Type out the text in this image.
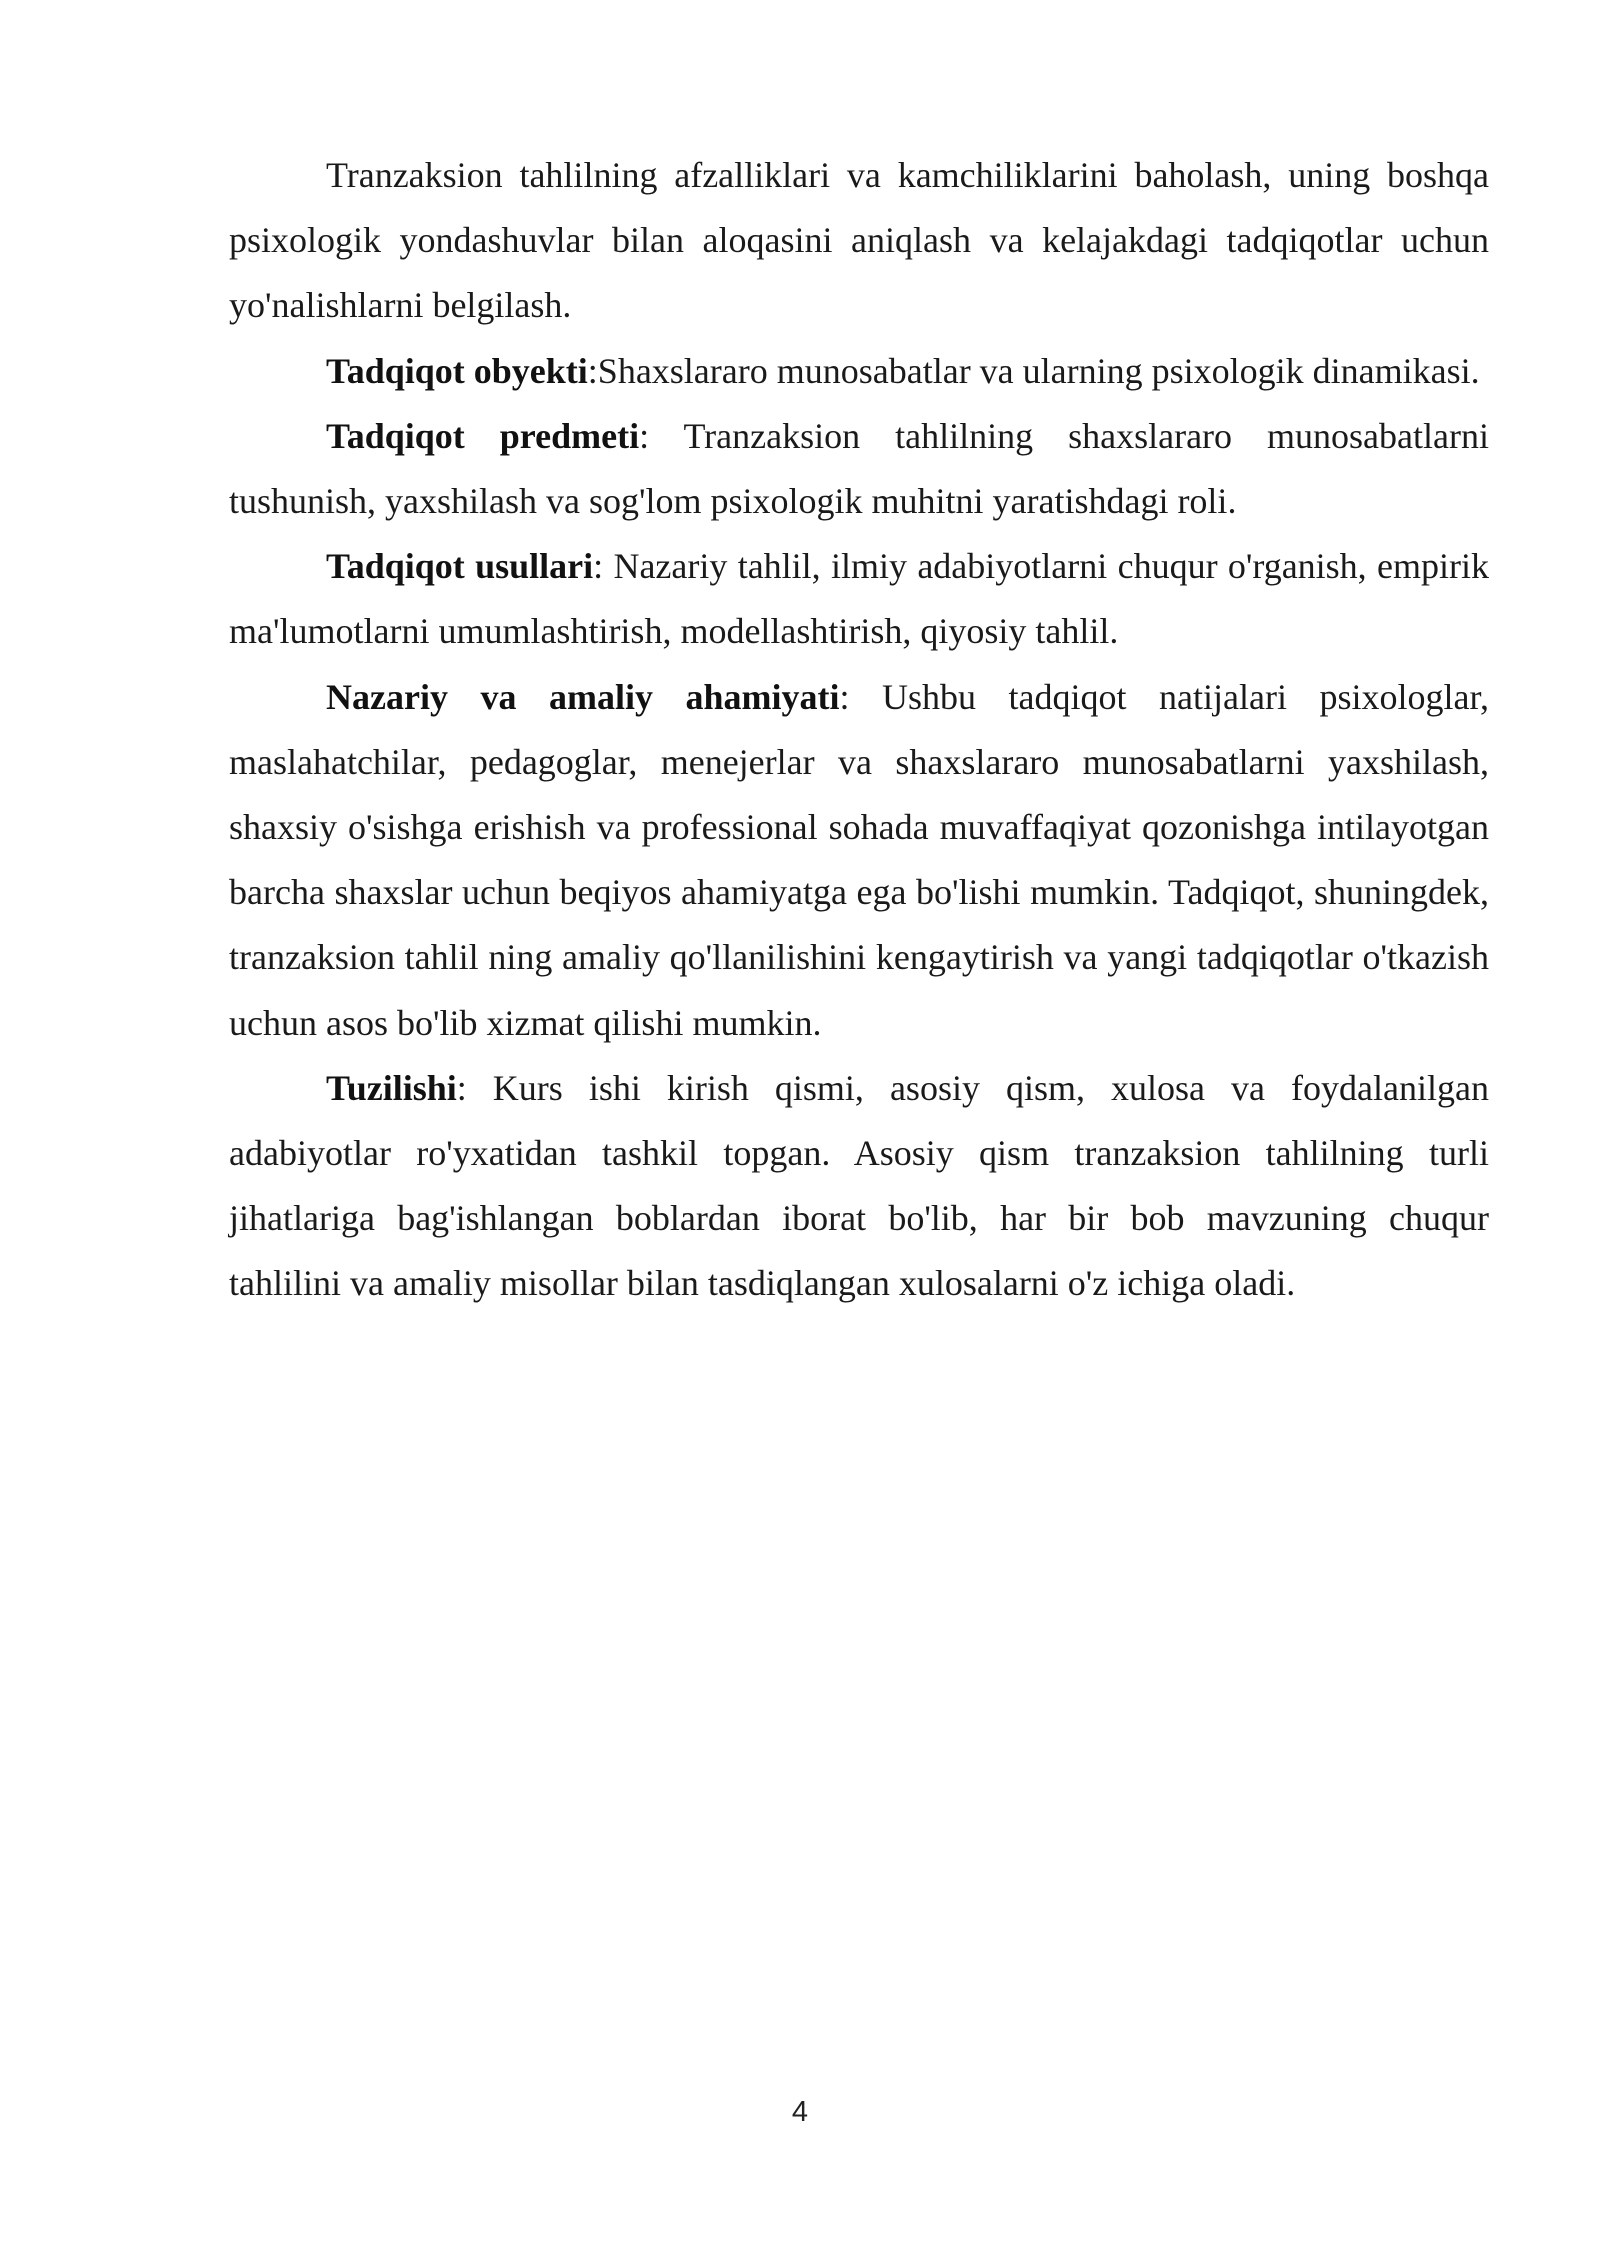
Tranzaksion tahlilning afzalliklari va kamchiliklarini baholash, uning boshqa psixologik yondashuvlar bilan aloqasini aniqlash va kelajakdagi tadqiqotlar uchun yo'nalishlarni belgilash.

Tadqiqot obyekti:Shaxslararo munosabatlar va ularning psixologik dinamikasi.

Tadqiqot predmeti: Tranzaksion tahlilning shaxslararo munosabatlarni tushunish, yaxshilash va sog'lom psixologik muhitni yaratishdagi roli.

Tadqiqot usullari: Nazariy tahlil, ilmiy adabiyotlarni chuqur o'rganish, empirik ma'lumotlarni umumlashtirish, modellashtirish, qiyosiy tahlil.

Nazariy va amaliy ahamiyati: Ushbu tadqiqot natijalari psixologlar, maslahatchilar, pedagoglar, menejerlar va shaxslararo munosabatlarni yaxshilash, shaxsiy o'sishga erishish va professional sohada muvaffaqiyat qozonishga intilayotgan barcha shaxslar uchun beqiyos ahamiyatga ega bo'lishi mumkin. Tadqiqot, shuningdek, tranzaksion tahlil ning amaliy qo'llanilishini kengaytirish va yangi tadqiqotlar o'tkazish uchun asos bo'lib xizmat qilishi mumkin.

Tuzilishi: Kurs ishi kirish qismi, asosiy qism, xulosa va foydalanilgan adabiyotlar ro'yxatidan tashkil topgan. Asosiy qism tranzaksion tahlilning turli jihatlariga bag'ishlangan boblardan iborat bo'lib, har bir bob mavzuning chuqur tahlilini va amaliy misollar bilan tasdiqlangan xulosalarni o'z ichiga oladi.

4
